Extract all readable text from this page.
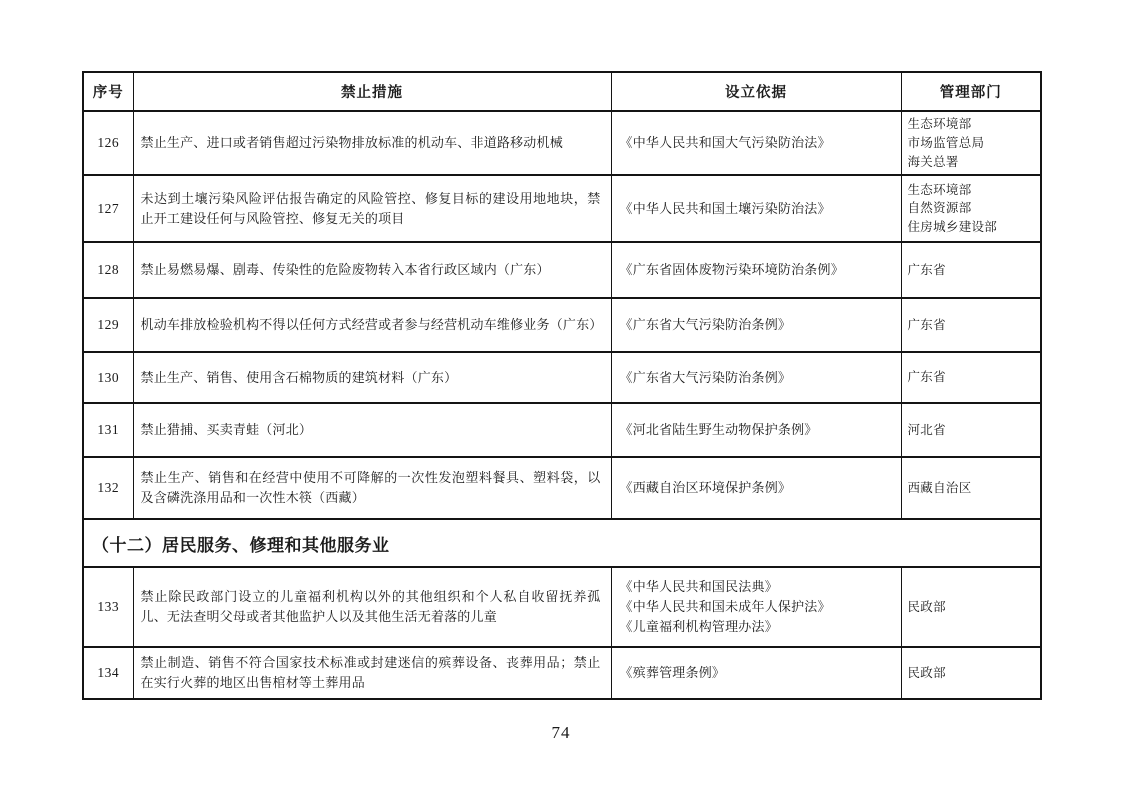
序号	禁止措施	设立依据	管理部门
126	禁止生产、进口或者销售超过污染物排放标准的机动车、非道路移动机械	《中华人民共和国大气污染防治法》	生态环境部
市场监管总局
海关总署

127	未达到土壤污染风险评估报告确定的风险管控、修复目标的建设用地地块，禁止开工建设任何与风险管控、修复无关的项目	《中华人民共和国土壤污染防治法》	生态环境部
自然资源部
住房城乡建设部

128	禁止易燃易爆、剧毒、传染性的危险废物转入本省行政区域内（广东）	《广东省固体废物污染环境防治条例》	广东省

129	机动车排放检验机构不得以任何方式经营或者参与经营机动车维修业务（广东）	《广东省大气污染防治条例》	广东省

130	禁止生产、销售、使用含石棉物质的建筑材料（广东）	《广东省大气污染防治条例》	广东省

131	禁止猎捕、买卖青蛙（河北）	《河北省陆生野生动物保护条例》	河北省

132	禁止生产、销售和在经营中使用不可降解的一次性发泡塑料餐具、塑料袋，以及含磷洗涤用品和一次性木筷（西藏）	《西藏自治区环境保护条例》	西藏自治区

（十二）居民服务、修理和其他服务业			
133	禁止除民政部门设立的儿童福利机构以外的其他组织和个人私自收留抚养孤儿、无法查明父母或者其他监护人以及其他生活无着落的儿童	《中华人民共和国民法典》
《中华人民共和国未成年人保护法》
《儿童福利机构管理办法》	民政部

134	禁止制造、销售不符合国家技术标准或封建迷信的殡葬设备、丧葬用品；禁止在实行火葬的地区出售棺材等土葬用品	《殡葬管理条例》	民政部
74
